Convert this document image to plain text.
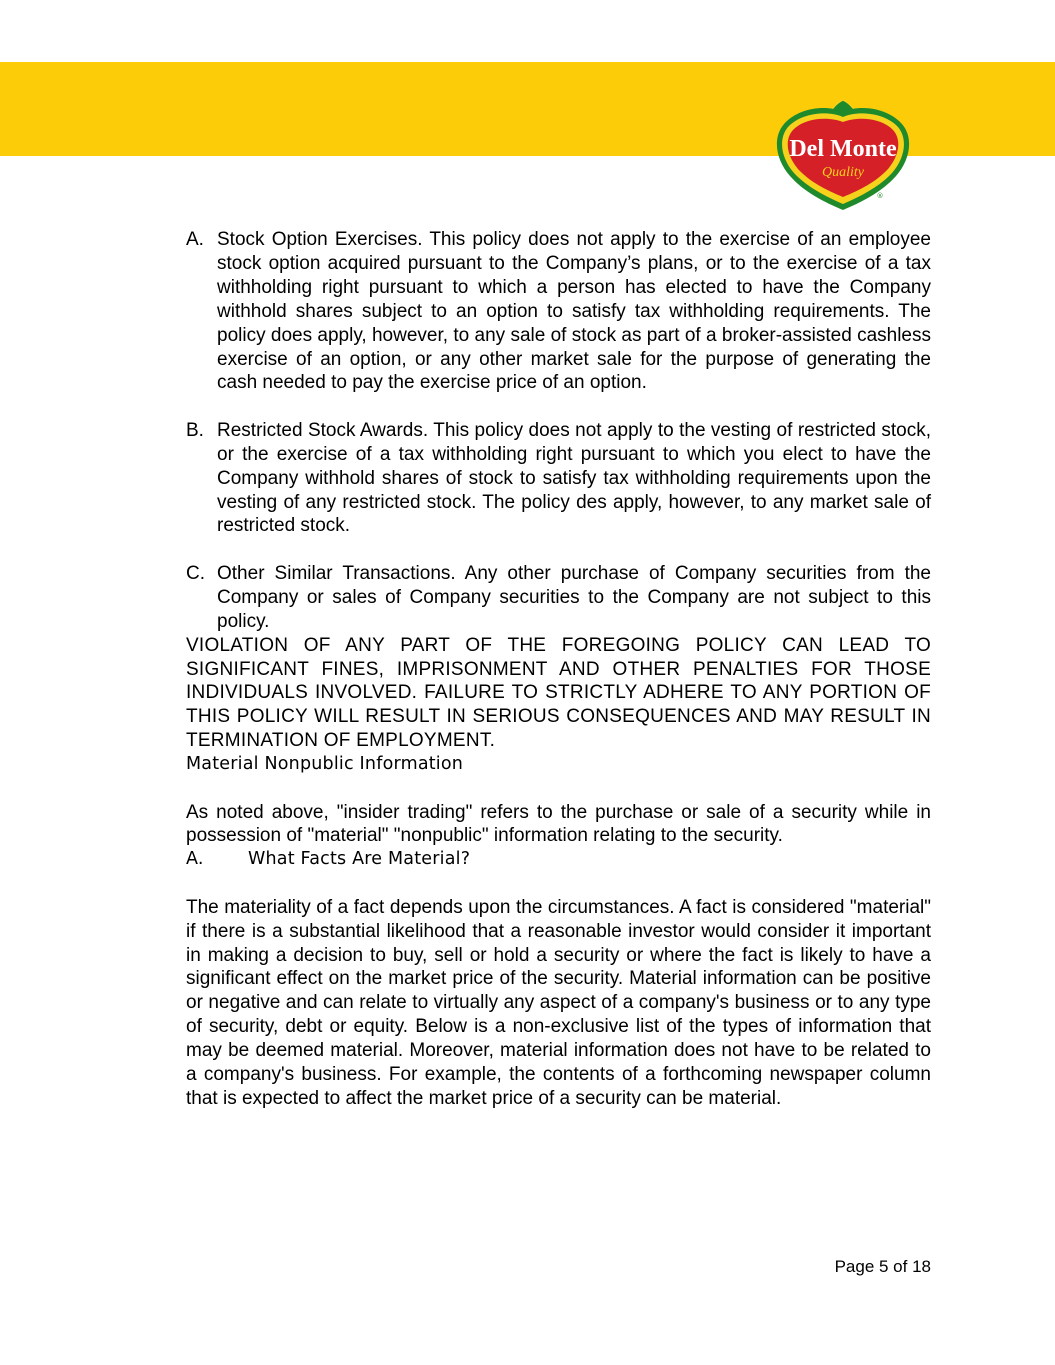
Del Monte
Quality
®
A. Stock Option Exercises. This policy does not apply to the exercise of an employee stock option acquired pursuant to the Company’s plans, or to the exercise of a tax withholding right pursuant to which a person has elected to have the Company withhold shares subject to an option to satisfy tax withholding requirements. The policy does apply, however, to any sale of stock as part of a broker-assisted cashless exercise of an option, or any other market sale for the purpose of generating the cash needed to pay the exercise price of an option.
B. Restricted Stock Awards. This policy does not apply to the vesting of restricted stock, or the exercise of a tax withholding right pursuant to which you elect to have the Company withhold shares of stock to satisfy tax withholding requirements upon the vesting of any restricted stock. The policy des apply, however, to any market sale of restricted stock.
C. Other Similar Transactions. Any other purchase of Company securities from the Company or sales of Company securities to the Company are not subject to this policy.

VIOLATION OF ANY PART OF THE FOREGOING POLICY CAN LEAD TO SIGNIFICANT FINES, IMPRISONMENT AND OTHER PENALTIES FOR THOSE INDIVIDUALS INVOLVED. FAILURE TO STRICTLY ADHERE TO ANY PORTION OF THIS POLICY WILL RESULT IN SERIOUS CONSEQUENCES AND MAY RESULT IN TERMINATION OF EMPLOYMENT.

Material Nonpublic Information

As noted above, "insider trading" refers to the purchase or sale of a security while in possession of "material" "nonpublic" information relating to the security.

A.	What Facts Are Material?

The materiality of a fact depends upon the circumstances. A fact is considered "material" if there is a substantial likelihood that a reasonable investor would consider it important in making a decision to buy, sell or hold a security or where the fact is likely to have a significant effect on the market price of the security. Material information can be positive or negative and can relate to virtually any aspect of a company's business or to any type of security, debt or equity. Below is a non-exclusive list of the types of information that may be deemed material. Moreover, material information does not have to be related to a company's business. For example, the contents of a forthcoming newspaper column that is expected to affect the market price of a security can be material.

Page 5 of 18
